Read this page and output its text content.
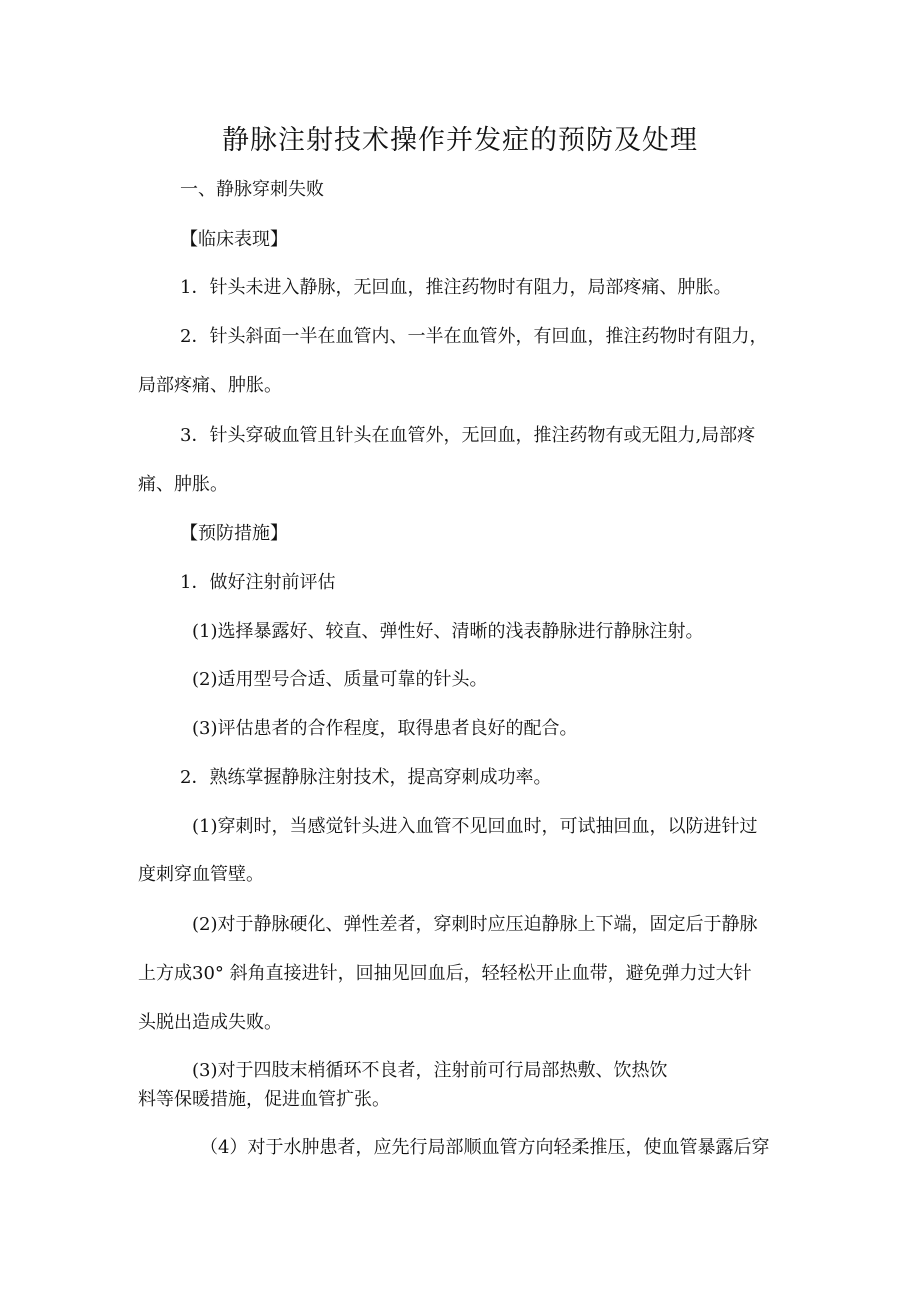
静脉注射技术操作并发症的预防及处理

一、静脉穿刺失败

【临床表现】

1．针头未进入静脉，无回血，推注药物时有阻力，局部疼痛、肿胀。

2．针头斜面一半在血管内、一半在血管外，有回血，推注药物时有阻力，

局部疼痛、肿胀。

3．针头穿破血管且针头在血管外，无回血，推注药物有或无阻力,局部疼

痛、肿胀。

【预防措施】

1．做好注射前评估

(1)选择暴露好、较直、弹性好、清晰的浅表静脉进行静脉注射。

(2)适用型号合适、质量可靠的针头。

(3)评估患者的合作程度，取得患者良好的配合。

2．熟练掌握静脉注射技术，提高穿刺成功率。

(1)穿刺时，当感觉针头进入血管不见回血时，可试抽回血，以防进针过

度刺穿血管壁。

(2)对于静脉硬化、弹性差者，穿刺时应压迫静脉上下端，固定后于静脉

上方成30° 斜角直接进针，回抽见回血后，轻轻松开止血带，避免弹力过大针

头脱出造成失败。

(3)对于四肢末梢循环不良者，注射前可行局部热敷、饮热饮

料等保暖措施，促进血管扩张。

（4）对于水肿患者，应先行局部顺血管方向轻柔推压，使血管暴露后穿
